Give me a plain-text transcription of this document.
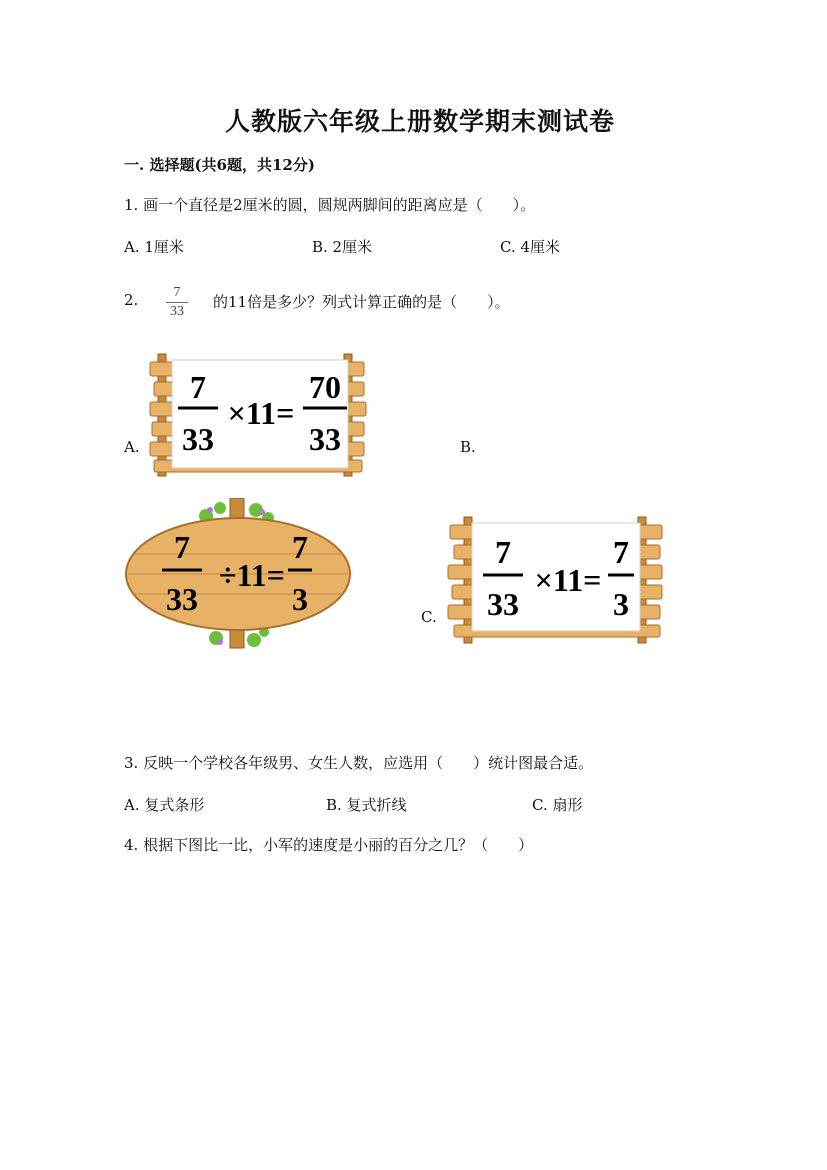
人教版六年级上册数学期末测试卷
一. 选择题(共6题，共12分)
1. 画一个直径是2厘米的圆，圆规两脚间的距离应是（　　）。
A. 1厘米	B. 2厘米	C. 4厘米
2.	7
33
的11倍是多少？列式计算正确的是（　　）。
7
33
×11=
70
33
A.	B.
7
33
÷11=
7
3
7
33
×11=
7
3
C.
3. 反映一个学校各年级男、女生人数，应选用（　　）统计图最合适。
A. 复式条形	B. 复式折线	C. 扇形
4. 根据下图比一比，小军的速度是小丽的百分之几？（　　）
